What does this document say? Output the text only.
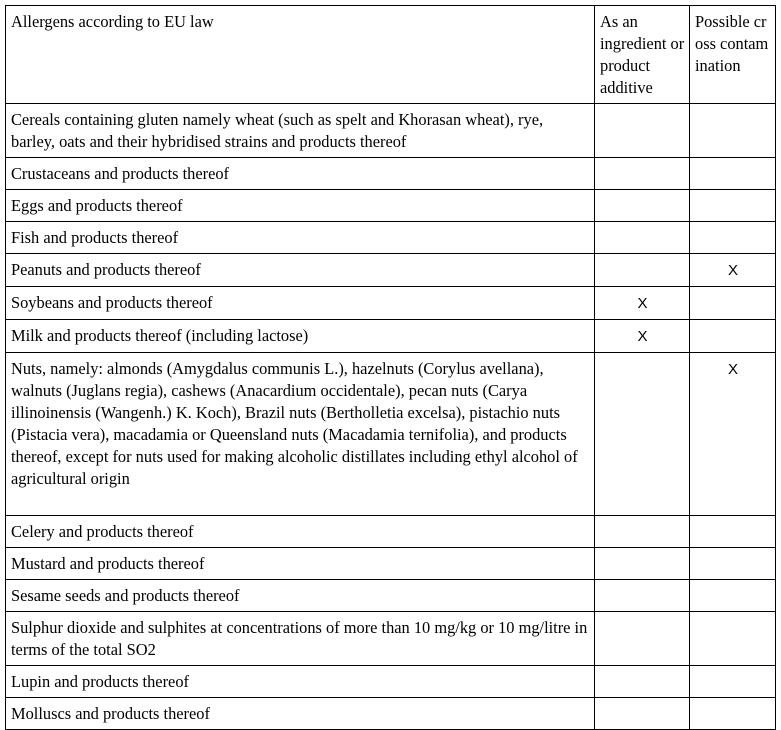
Allergens according to EU law	As an ingredient or product additive	Possible cross contamination
Cereals containing gluten namely wheat (such as spelt and Khorasan wheat), rye, barley, oats and their hybridised strains and products thereof	

Crustaceans and products thereof	

Eggs and products thereof	

Fish and products thereof	

Peanuts and products thereof		X

Soybeans and products thereof	X	

Milk and products thereof (including lactose)	X	

Nuts, namely: almonds (Amygdalus communis L.), hazelnuts (Corylus avellana), walnuts (Juglans regia), cashews (Anacardium occidentale), pecan nuts (Carya illinoinensis (Wangenh.) K. Koch), Brazil nuts (Bertholletia excelsa), pistachio nuts (Pistacia vera), macadamia or Queensland nuts (Macadamia ternifolia), and products thereof, except for nuts used for making alcoholic distillates including ethyl alcohol of agricultural origin		X

Celery and products thereof	

Mustard and products thereof	

Sesame seeds and products thereof	

Sulphur dioxide and sulphites at concentrations of more than 10 mg/kg or 10 mg/litre in terms of the total SO2	

Lupin and products thereof	

Molluscs and products thereof	
